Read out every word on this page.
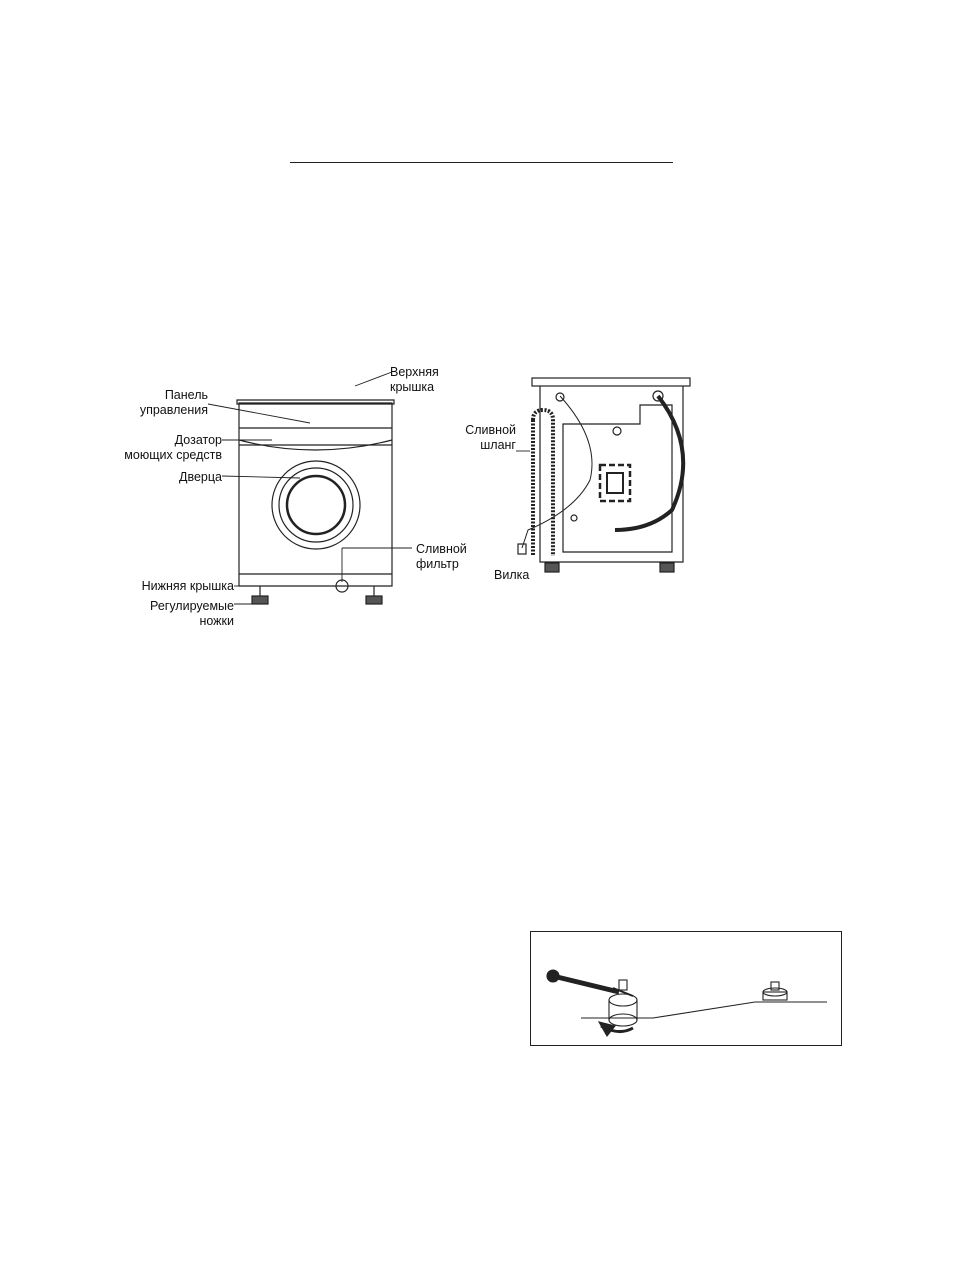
Верхняя
крышка
Панель
управления
Дозатор
моющих средств
Дверца
Сливной
фильтр
Нижняя крышка
Регулируемые
ножки
Сливной
шланг
Вилка
